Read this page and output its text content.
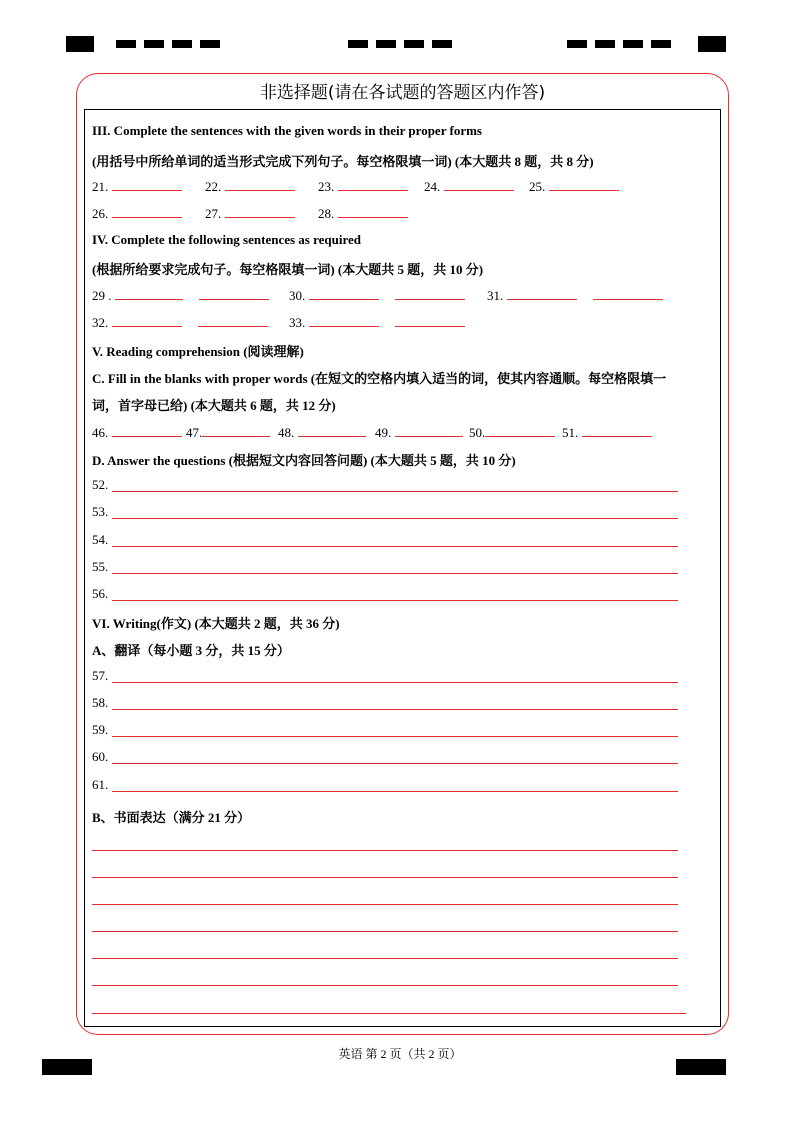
非选择题(请在各试题的答题区内作答)
III. Complete the sentences with the given words in their proper forms
(用括号中所给单词的适当形式完成下列句子。每空格限填一词) (本大题共 8 题，共 8 分)
21.	22.	23.	24.	25.
26.	27.	28.
IV. Complete the following sentences as required
(根据所给要求完成句子。每空格限填一词) (本大题共 5 题，共 10 分)
29 .	30.	31.
32.	33.
V. Reading comprehension (阅读理解)
C. Fill in the blanks with proper words (在短文的空格内填入适当的词，使其内容通顺。每空格限填一
词，首字母已给) (本大题共 6 题，共 12 分)
46.	47.	48.	49.	50.	51.
D. Answer the questions (根据短文内容回答问题) (本大题共 5 题，共 10 分)
52.
53.
54.
55.
56.
VI. Writing(作文) (本大题共 2 题，共 36 分)
A、翻译（每小题 3 分，共 15 分）
57.
58.
59.
60.
61.
B、书面表达（满分 21 分）
英语 第 2 页（共 2 页）
